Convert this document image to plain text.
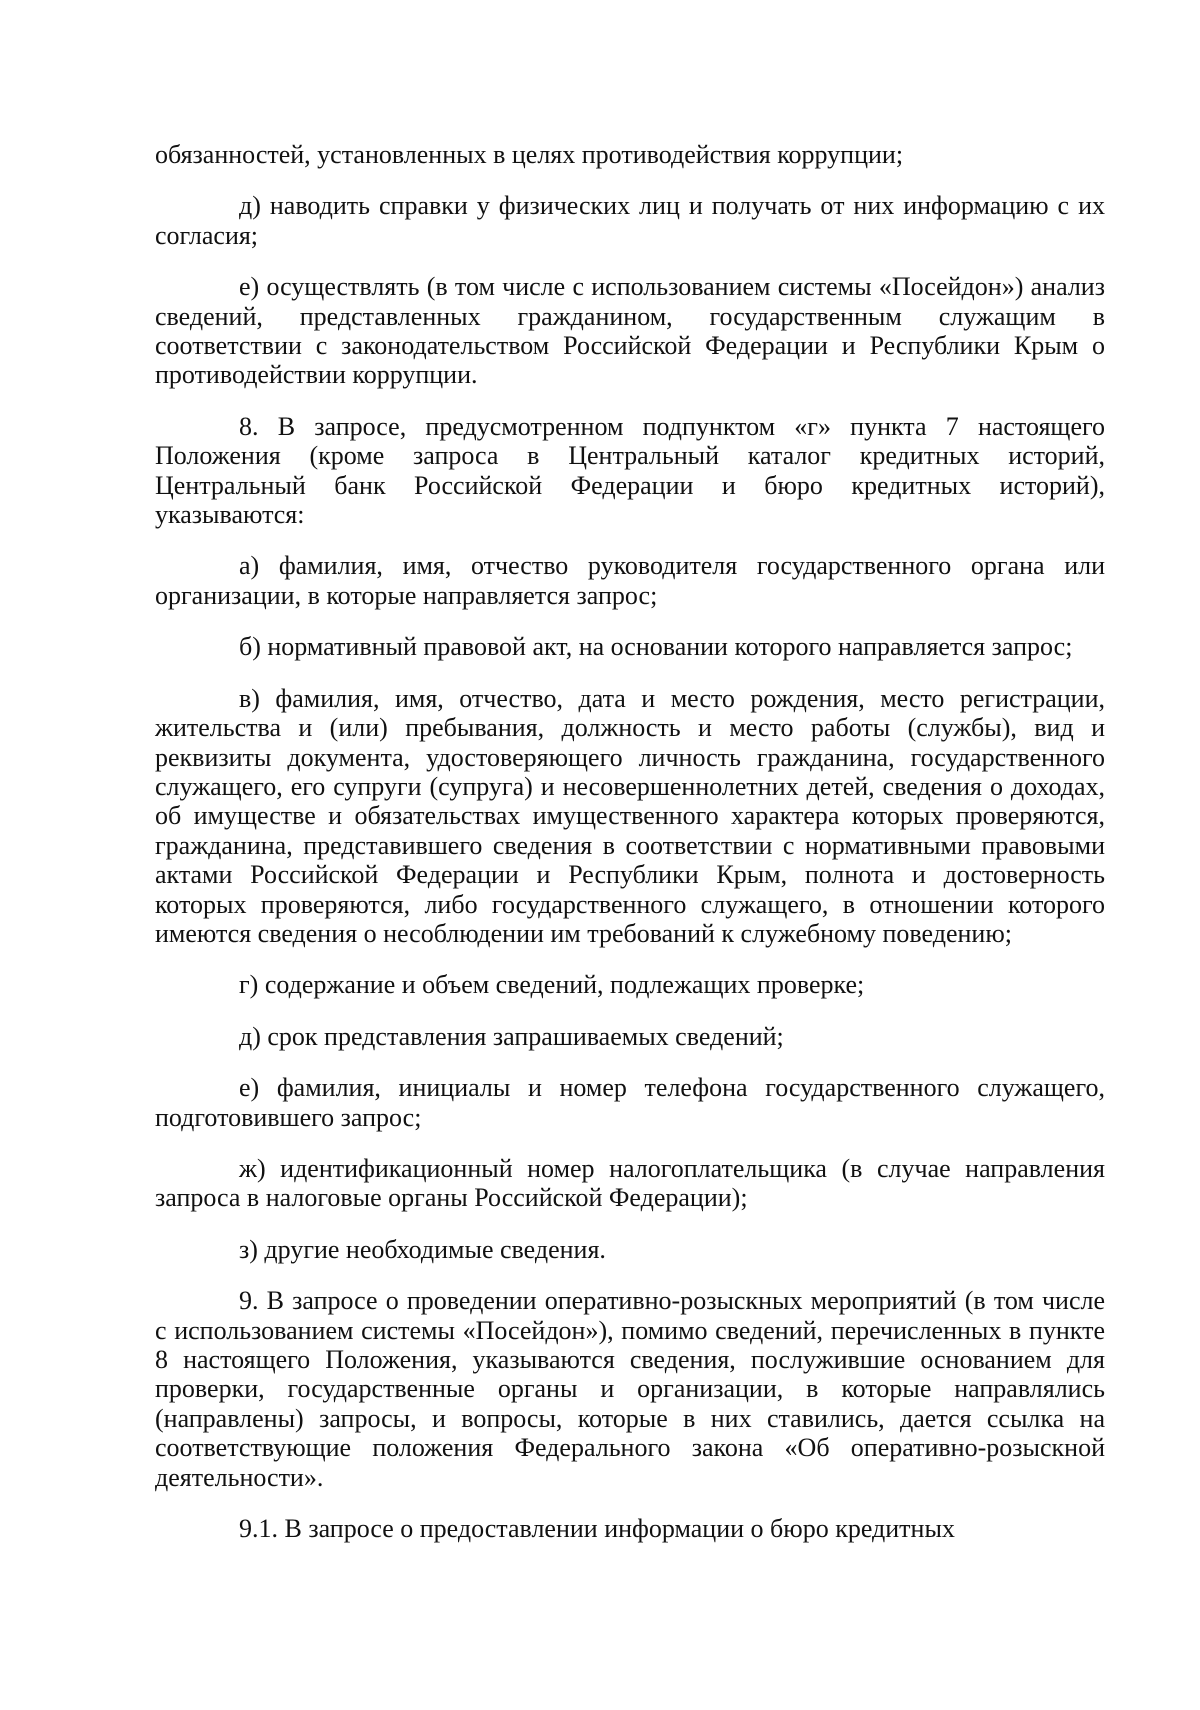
обязанностей, установленных в целях противодействия коррупции;

д) наводить справки у физических лиц и получать от них информацию с их согласия;

е) осуществлять (в том числе с использованием системы «Посейдон») анализ сведений, представленных гражданином, государственным служащим в соответствии с законодательством Российской Федерации и Республики Крым о противодействии коррупции.

8. В запросе, предусмотренном подпунктом «г» пункта 7 настоящего Положения (кроме запроса в Центральный каталог кредитных историй, Центральный банк Российской Федерации и бюро кредитных историй), указываются:

а) фамилия, имя, отчество руководителя государственного органа или организации, в которые направляется запрос;

б) нормативный правовой акт, на основании которого направляется запрос;

в) фамилия, имя, отчество, дата и место рождения, место регистрации, жительства и (или) пребывания, должность и место работы (службы), вид и реквизиты документа, удостоверяющего личность гражданина, государственного служащего, его супруги (супруга) и несовершеннолетних детей, сведения о доходах, об имуществе и обязательствах имущественного характера которых проверяются, гражданина, представившего сведения в соответствии с нормативными правовыми актами Российской Федерации и Республики Крым, полнота и достоверность которых проверяются, либо государственного служащего, в отношении которого имеются сведения о несоблюдении им требований к служебному поведению;

г) содержание и объем сведений, подлежащих проверке;

д) срок представления запрашиваемых сведений;

е) фамилия, инициалы и номер телефона государственного служащего, подготовившего запрос;

ж) идентификационный номер налогоплательщика (в случае направления запроса в налоговые органы Российской Федерации);

з) другие необходимые сведения.

9. В запросе о проведении оперативно-розыскных мероприятий (в том числе с использованием системы «Посейдон»), помимо сведений, перечисленных в пункте 8 настоящего Положения, указываются сведения, послужившие основанием для проверки, государственные органы и организации, в которые направлялись (направлены) запросы, и вопросы, которые в них ставились, дается ссылка на соответствующие положения Федерального закона «Об оперативно-розыскной деятельности».

9.1. В запросе о предоставлении информации о бюро кредитных
